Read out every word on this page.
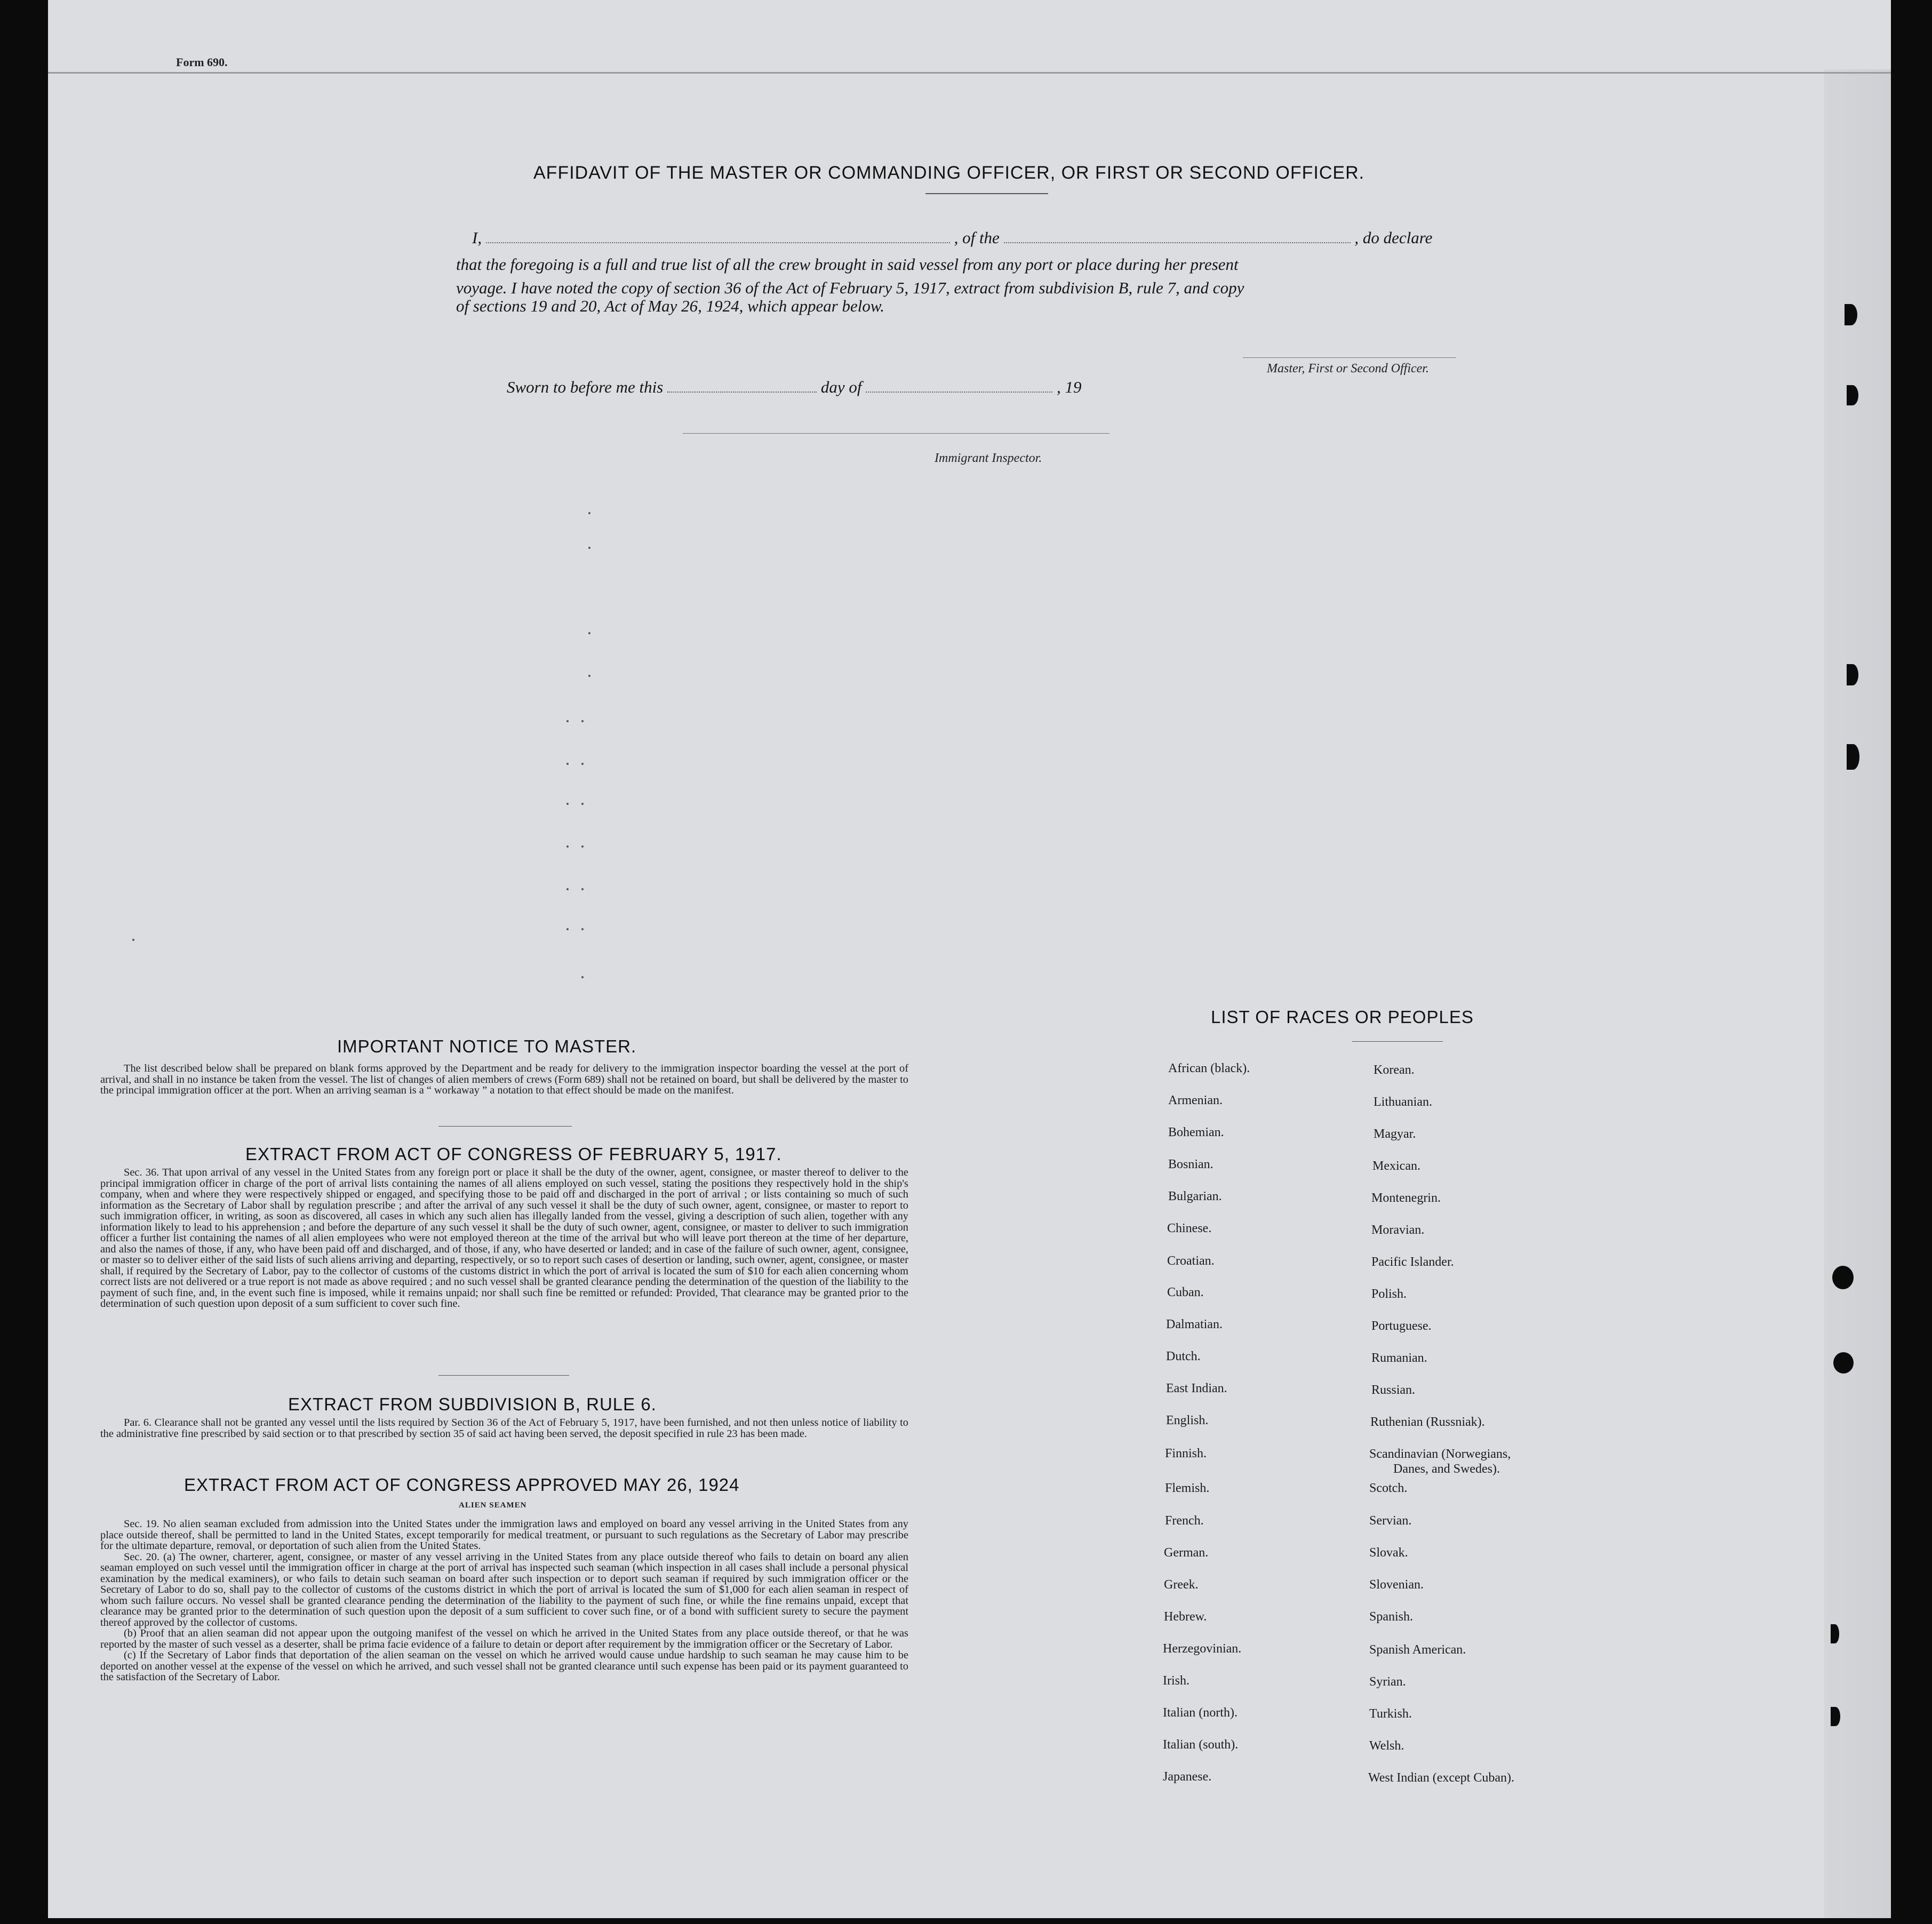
Form 690.
AFFIDAVIT OF THE MASTER OR COMMANDING OFFICER, OR FIRST OR SECOND OFFICER.
I,	, of the	, do declare
that the foregoing is a full and true list of all the crew brought in said vessel from any port or place during her present
voyage. I have noted the copy of section 36 of the Act of February 5, 1917, extract from subdivision B, rule 7, and copy
of sections 19 and 20, Act of May 26, 1924, which appear below.
Master, First or Second Officer.
Sworn to before me this	day of	, 19
Immigrant Inspector.
IMPORTANT NOTICE TO MASTER.

The list described below shall be prepared on blank forms approved by the Department and be ready for delivery to the immigration inspector boarding the vessel at the port of arrival, and shall in no instance be taken from the vessel. The list of changes of alien members of crews (Form 689) shall not be retained on board, but shall be delivered by the master to the principal immigration officer at the port. When an arriving seaman is a “ workaway ” a notation to that effect should be made on the manifest.

EXTRACT FROM ACT OF CONGRESS OF FEBRUARY 5, 1917.

Sec. 36. That upon arrival of any vessel in the United States from any foreign port or place it shall be the duty of the owner, agent, consignee, or master thereof to deliver to the principal immigration officer in charge of the port of arrival lists containing the names of all aliens employed on such vessel, stating the positions they respectively hold in the ship's company, when and where they were respectively shipped or engaged, and specifying those to be paid off and discharged in the port of arrival ; or lists containing so much of such information as the Secretary of Labor shall by regulation prescribe ; and after the arrival of any such vessel it shall be the duty of such owner, agent, consignee, or master to report to such immigration officer, in writing, as soon as discovered, all cases in which any such alien has illegally landed from the vessel, giving a description of such alien, together with any information likely to lead to his apprehension ; and before the departure of any such vessel it shall be the duty of such owner, agent, consignee, or master to deliver to such immigration officer a further list containing the names of all alien employees who were not employed thereon at the time of the arrival but who will leave port thereon at the time of her departure, and also the names of those, if any, who have been paid off and discharged, and of those, if any, who have deserted or landed; and in case of the failure of such owner, agent, consignee, or master so to deliver either of the said lists of such aliens arriving and departing, respectively, or so to report such cases of desertion or landing, such owner, agent, consignee, or master shall, if required by the Secretary of Labor, pay to the collector of customs of the customs district in which the port of arrival is located the sum of $10 for each alien concerning whom correct lists are not delivered or a true report is not made as above required ; and no such vessel shall be granted clearance pending the determination of the question of the liability to the payment of such fine, and, in the event such fine is imposed, while it remains unpaid; nor shall such fine be remitted or refunded: Provided, That clearance may be granted prior to the determination of such question upon deposit of a sum sufficient to cover such fine.

EXTRACT FROM SUBDIVISION B, RULE 6.

Par. 6. Clearance shall not be granted any vessel until the lists required by Section 36 of the Act of February 5, 1917, have been furnished, and not then unless notice of liability to the administrative fine prescribed by said section or to that prescribed by section 35 of said act having been served, the deposit specified in rule 23 has been made.

EXTRACT FROM ACT OF CONGRESS APPROVED MAY 26, 1924
ALIEN SEAMEN

Sec. 19. No alien seaman excluded from admission into the United States under the immigration laws and employed on board any vessel arriving in the United States from any place outside thereof, shall be permitted to land in the United States, except temporarily for medical treatment, or pursuant to such regulations as the Secretary of Labor may prescribe for the ultimate departure, removal, or deportation of such alien from the United States.

Sec. 20. (a) The owner, charterer, agent, consignee, or master of any vessel arriving in the United States from any place outside thereof who fails to detain on board any alien seaman employed on such vessel until the immigration officer in charge at the port of arrival has inspected such seaman (which inspection in all cases shall include a personal physical examination by the medical examiners), or who fails to detain such seaman on board after such inspection or to deport such seaman if required by such immigration officer or the Secretary of Labor to do so, shall pay to the collector of customs of the customs district in which the port of arrival is located the sum of $1,000 for each alien seaman in respect of whom such failure occurs. No vessel shall be granted clearance pending the determination of the liability to the payment of such fine, or while the fine remains unpaid, except that clearance may be granted prior to the determination of such question upon the deposit of a sum sufficient to cover such fine, or of a bond with sufficient surety to secure the payment thereof approved by the collector of customs.

(b) Proof that an alien seaman did not appear upon the outgoing manifest of the vessel on which he arrived in the United States from any place outside thereof, or that he was reported by the master of such vessel as a deserter, shall be prima facie evidence of a failure to detain or deport after requirement by the immigration officer or the Secretary of Labor.

(c) If the Secretary of Labor finds that deportation of the alien seaman on the vessel on which he arrived would cause undue hardship to such seaman he may cause him to be deported on another vessel at the expense of the vessel on which he arrived, and such vessel shall not be granted clearance until such expense has been paid or its payment guaranteed to the satisfaction of the Secretary of Labor.

LIST OF RACES OR PEOPLES
African (black).
Armenian.
Bohemian.
Bosnian.
Bulgarian.
Chinese.
Croatian.
Cuban.
Dalmatian.
Dutch.
East Indian.
English.
Finnish.
Flemish.
French.
German.
Greek.
Hebrew.
Herzegovinian.
Irish.
Italian (north).
Italian (south).
Japanese.
Korean.
Lithuanian.
Magyar.
Mexican.
Montenegrin.
Moravian.
Pacific Islander.
Polish.
Portuguese.
Rumanian.
Russian.
Ruthenian (Russniak).
Scandinavian (Norwegians,
Danes, and Swedes).
Scotch.
Servian.
Slovak.
Slovenian.
Spanish.
Spanish American.
Syrian.
Turkish.
Welsh.
West Indian (except Cuban).
